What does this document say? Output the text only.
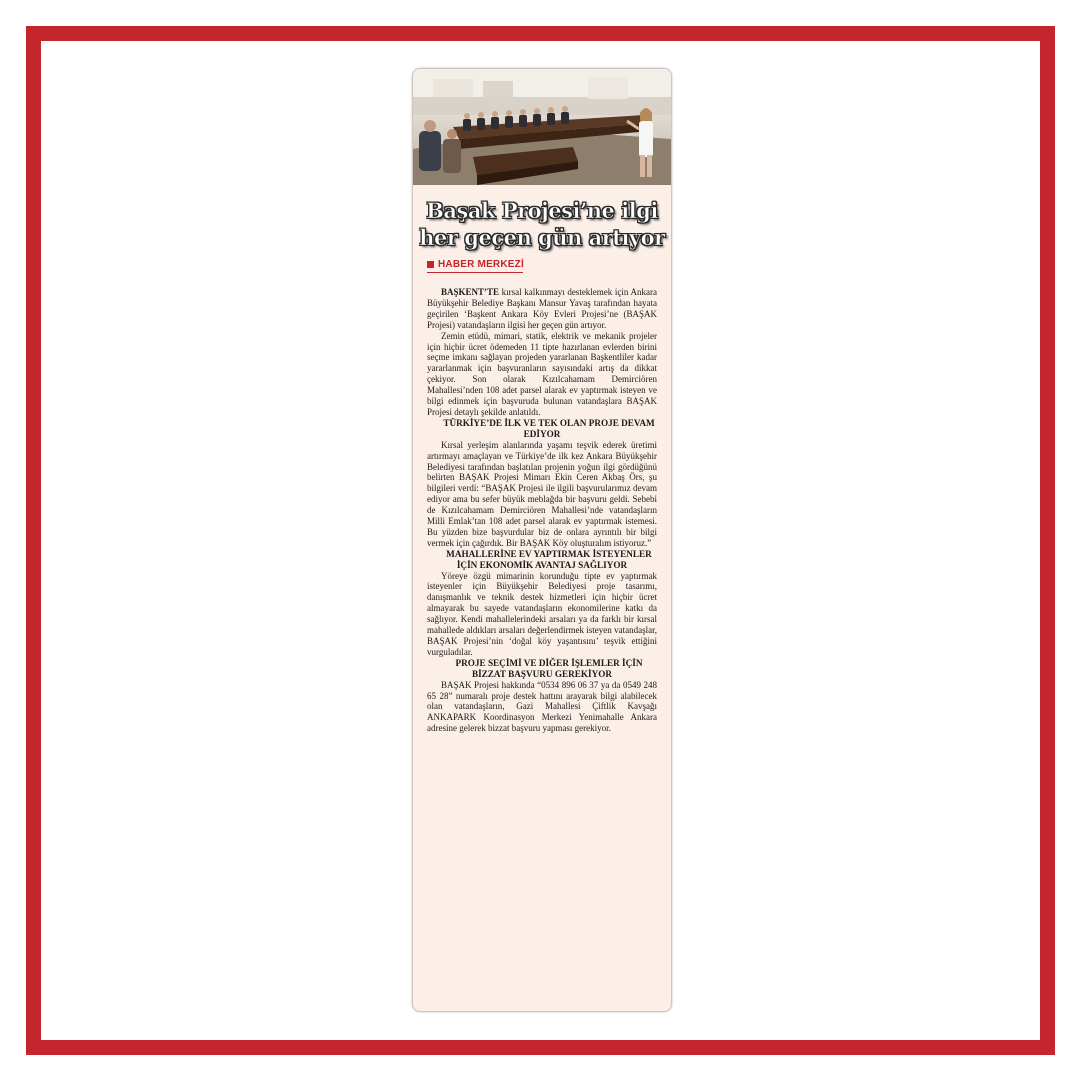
Başak Projesi’ne ilgi
her geçen gün artıyor
HABER MERKEZİ

BAŞKENT’TE kırsal kalkınmayı desteklemek için Ankara Büyükşehir Belediye Başkanı Mansur Yavaş tarafından hayata geçirilen ‘Başkent Ankara Köy Evleri Projesi’ne (BAŞAK Projesi) vatandaşların ilgisi her geçen gün artıyor.

Zemin etüdü, mimari, statik, elektrik ve mekanik projeler için hiçbir ücret ödemeden 11 tipte hazırlanan evlerden birini seçme imkanı sağlayan projeden yararlanan Başkentliler kadar yararlanmak için başvuranların sayısındaki artış da dikkat çekiyor. Son olarak Kızılcahamam Demirciören Mahallesi’nden 108 adet parsel alarak ev yaptırmak isteyen ve bilgi edinmek için başvuruda bulunan vatandaşlara BAŞAK Projesi detaylı şekilde anlatıldı.

TÜRKİYE’DE İLK VE TEK OLAN PROJE DEVAM EDİYOR

Kırsal yerleşim alanlarında yaşamı teşvik ederek üretimi artırmayı amaçlayan ve Türkiye’de ilk kez Ankara Büyükşehir Belediyesi tarafından başlatılan projenin yoğun ilgi gördüğünü belirten BAŞAK Projesi Mimarı Ekin Ceren Akbaş Örs, şu bilgileri verdi: “BAŞAK Projesi ile ilgili başvurularımız devam ediyor ama bu sefer büyük meblağda bir başvuru geldi. Sebebi de Kızılcahamam Demirciören Mahallesi’nde vatandaşların Milli Emlak’tan 108 adet parsel alarak ev yaptırmak istemesi. Bu yüzden bize başvurdular biz de onlara ayrıntılı bir bilgi vermek için çağırdık. Bir BAŞAK Köy oluşturalım istiyoruz.”

MAHALLERİNE EV YAPTIRMAK İSTEYENLER İÇİN EKONOMİK AVANTAJ SAĞLIYOR

Yöreye özgü mimarinin korunduğu tipte ev yaptırmak isteyenler için Büyükşehir Belediyesi proje tasarımı, danışmanlık ve teknik destek hizmetleri için hiçbir ücret almayarak bu sayede vatandaşların ekonomilerine katkı da sağlıyor. Kendi mahallelerindeki arsaları ya da farklı bir kırsal mahallede aldıkları arsaları değerlendirmek isteyen vatandaşlar, BAŞAK Projesi’nin ‘doğal köy yaşantısını’ teşvik ettiğini vurguladılar.

PROJE SEÇİMİ VE DİĞER İŞLEMLER İÇİN BİZZAT BAŞVURU GEREKİYOR

BAŞAK Projesi hakkında “0534 896 06 37 ya da 0549 248 65 28” numaralı proje destek hattını arayarak bilgi alabilecek olan vatandaşların, Gazi Mahallesi Çiftlik Kavşağı ANKAPARK Koordinasyon Merkezi Yenimahalle Ankara adresine gelerek bizzat başvuru yapması gerekiyor.
